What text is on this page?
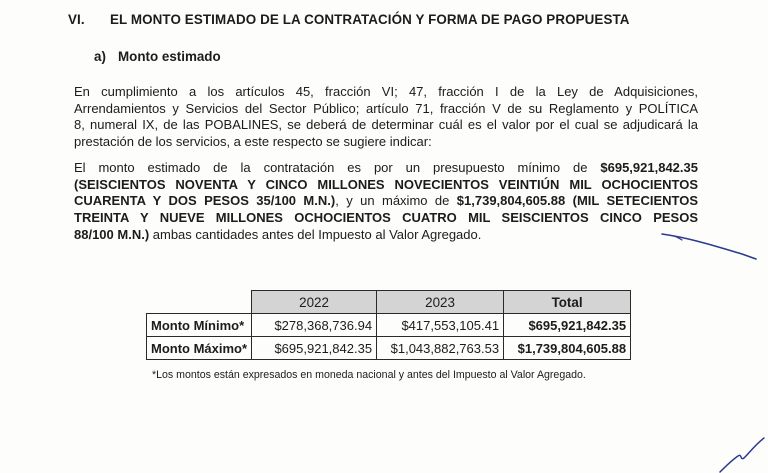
VI. EL MONTO ESTIMADO DE LA CONTRATACIÓN Y FORMA DE PAGO PROPUESTA
a) Monto estimado

En cumplimiento a los artículos 45, fracción VI; 47, fracción I de la Ley de Adquisiciones,
Arrendamientos y Servicios del Sector Público; artículo 71, fracción V de su Reglamento y POLÍTICA
8, numeral IX, de las POBALINES, se deberá de determinar cuál es el valor por el cual se adjudicará la
prestación de los servicios, a este respecto se sugiere indicar:

El monto estimado de la contratación es por un presupuesto mínimo de $695,921,842.35
(SEISCIENTOS NOVENTA Y CINCO MILLONES NOVECIENTOS VEINTIÚN MIL OCHOCIENTOS
CUARENTA Y DOS PESOS 35/100 M.N.), y un máximo de $1,739,804,605.88 (MIL SETECIENTOS
TREINTA Y NUEVE MILLONES OCHOCIENTOS CUATRO MIL SEISCIENTOS CINCO PESOS
88/100 M.N.) ambas cantidades antes del Impuesto al Valor Agregado.

	2022	2023	Total
Monto Mínimo*	$278,368,736.94	$417,553,105.41	$695,921,842.35
Monto Máximo*	$695,921,842.35	$1,043,882,763.53	$1,739,804,605.88
*Los montos están expresados en moneda nacional y antes del Impuesto al Valor Agregado.
